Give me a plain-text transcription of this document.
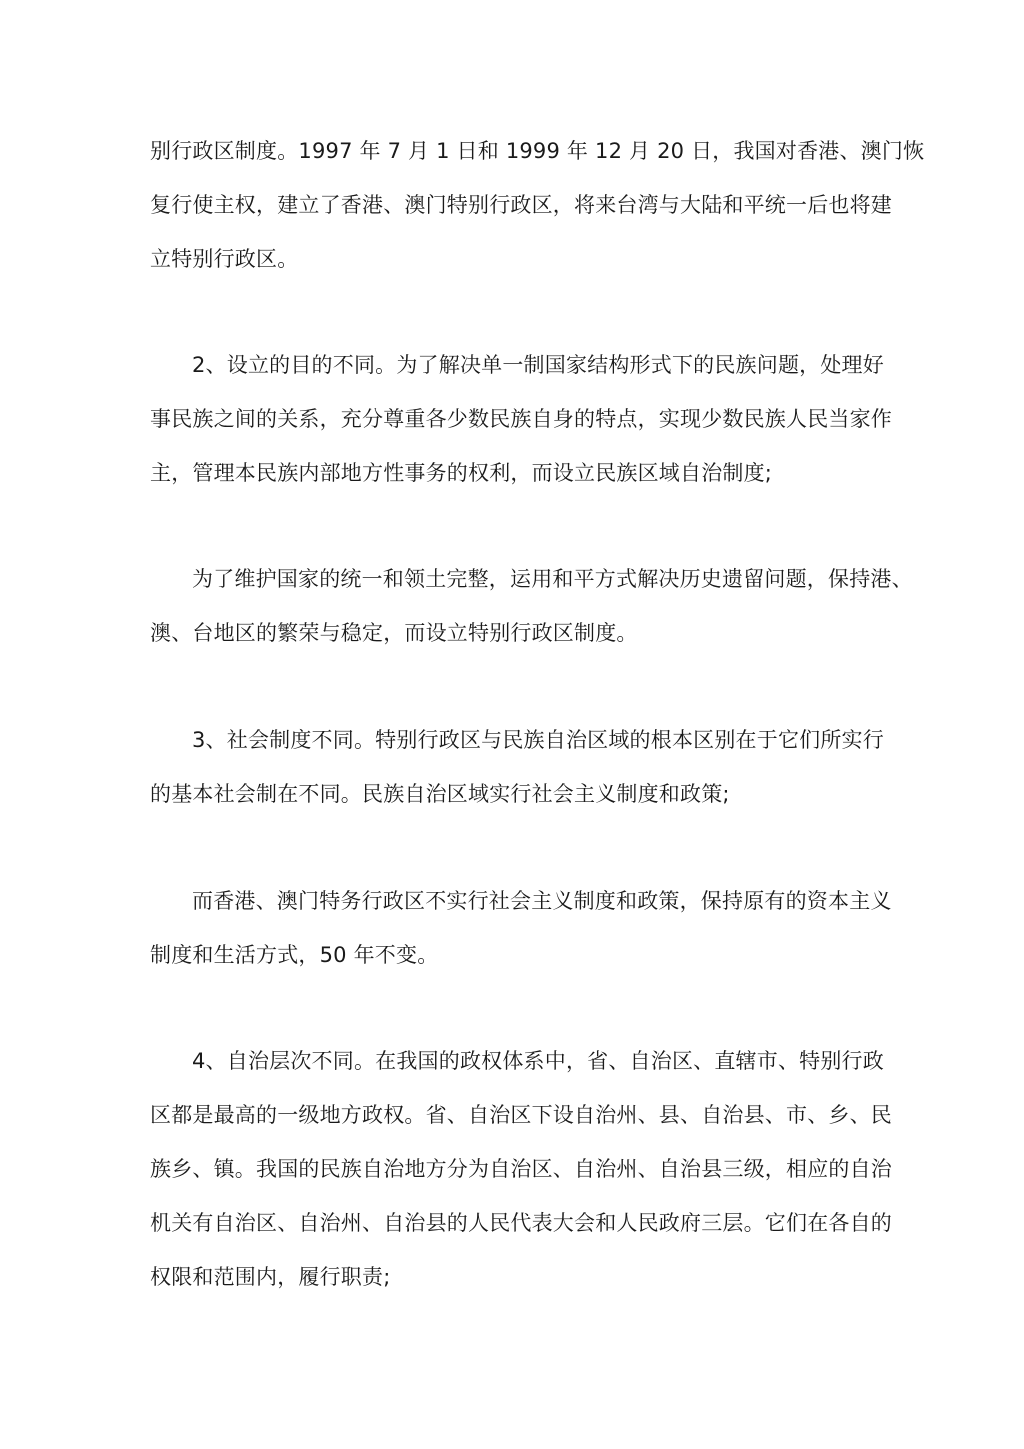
别行政区制度。1997 年 7 月 1 日和 1999 年 12 月 20 日，我国对香港、澳门恢
复行使主权，建立了香港、澳门特别行政区，将来台湾与大陆和平统一后也将建
立特别行政区。
2、设立的目的不同。为了解决单一制国家结构形式下的民族问题，处理好
事民族之间的关系，充分尊重各少数民族自身的特点，实现少数民族人民当家作
主，管理本民族内部地方性事务的权利，而设立民族区域自治制度;
为了维护国家的统一和领土完整，运用和平方式解决历史遗留问题，保持港、
澳、台地区的繁荣与稳定，而设立特别行政区制度。
3、社会制度不同。特别行政区与民族自治区域的根本区别在于它们所实行
的基本社会制在不同。民族自治区域实行社会主义制度和政策;
而香港、澳门特务行政区不实行社会主义制度和政策，保持原有的资本主义
制度和生活方式，50 年不变。
4、自治层次不同。在我国的政权体系中，省、自治区、直辖市、特别行政
区都是最高的一级地方政权。省、自治区下设自治州、县、自治县、市、乡、民
族乡、镇。我国的民族自治地方分为自治区、自治州、自治县三级，相应的自治
机关有自治区、自治州、自治县的人民代表大会和人民政府三层。它们在各自的
权限和范围内，履行职责;
